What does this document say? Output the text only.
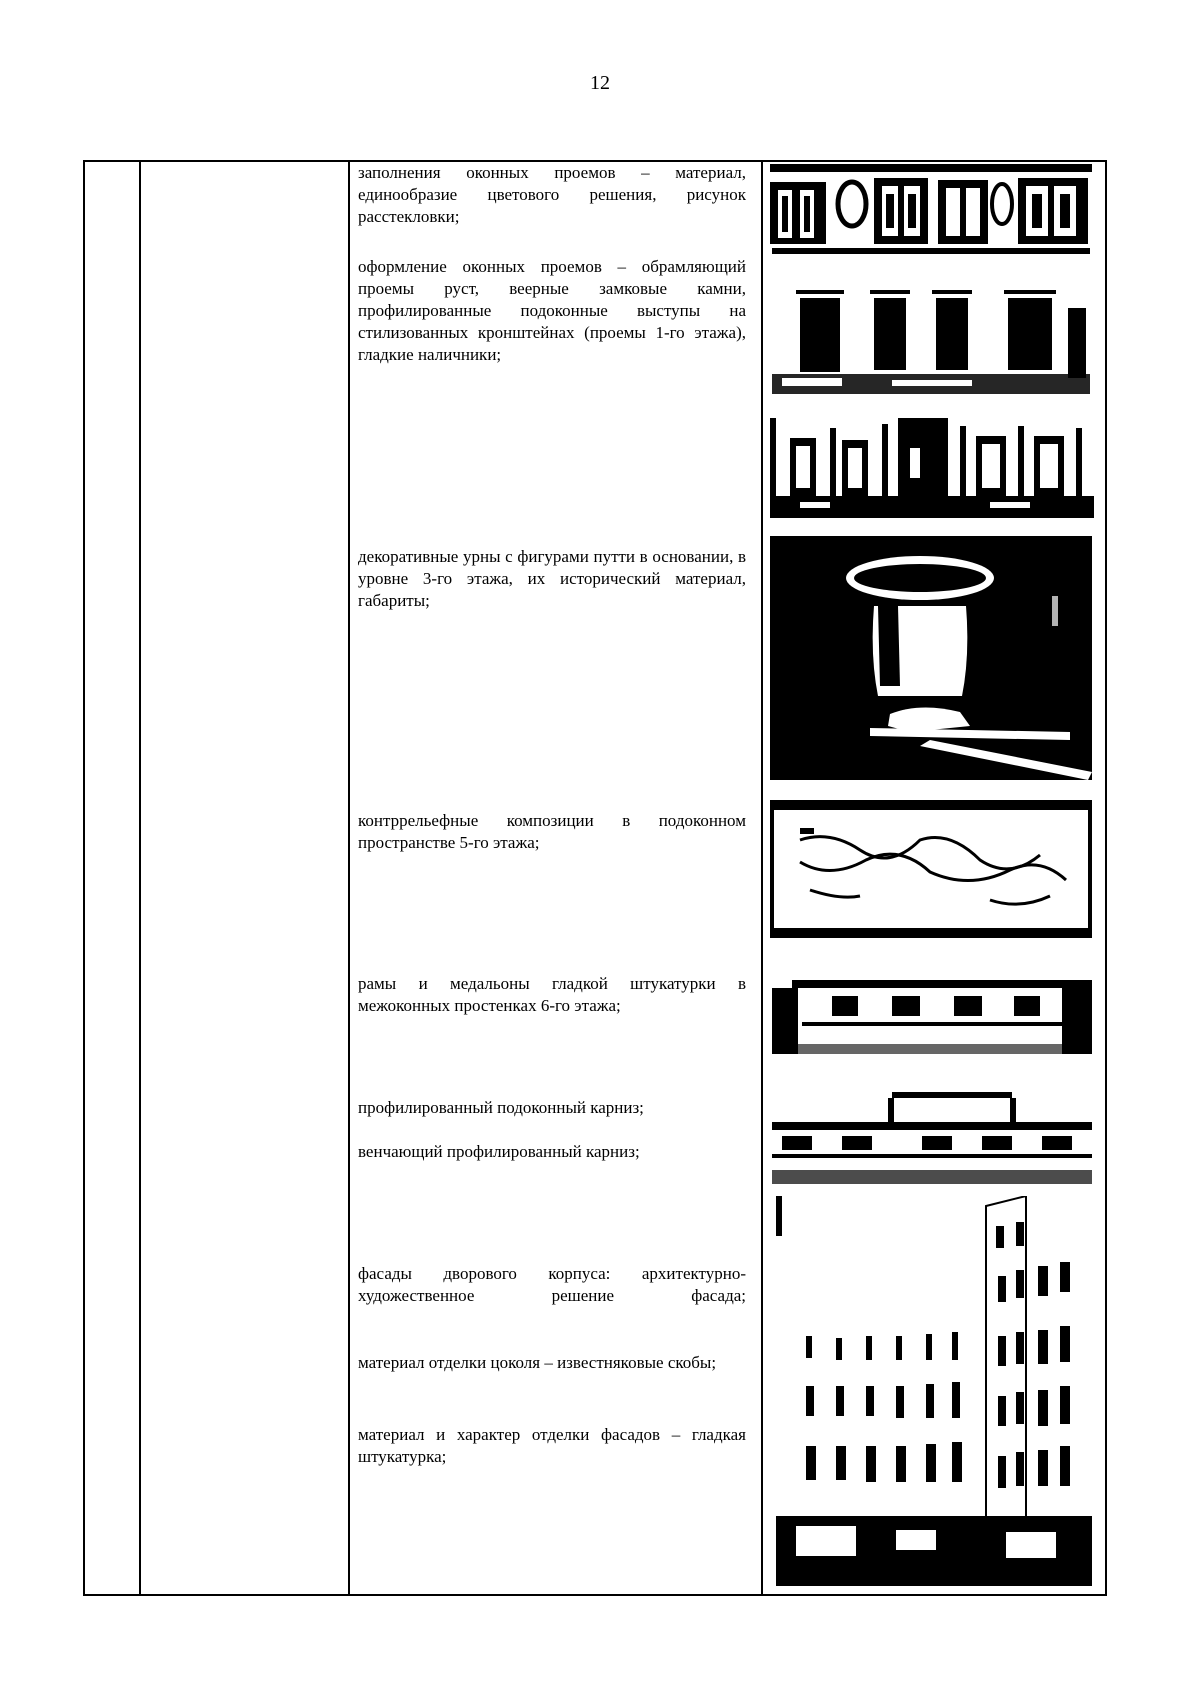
12
заполнения оконных проемов – материал, единообразие цветового решения, рисунок расстекловки;
оформление оконных проемов – обрамляющий проемы руст, веерные замковые камни, профилированные подоконные выступы на стилизованных кронштейнах (проемы 1-го этажа), гладкие наличники;
декоративные урны с фигурами путти в основании, в уровне 3-го этажа, их исторический материал, габариты;
контррельефные композиции в подоконном пространстве 5-го этажа;
рамы и медальоны гладкой штукатурки в межоконных простенках 6-го этажа;
профилированный подоконный карниз;
венчающий профилированный карниз;
фасады дворового корпуса: архитектурно-художественное решение фасада;
материал отделки цоколя – известняковые скобы;
материал и характер отделки фасадов – гладкая штукатурка;
